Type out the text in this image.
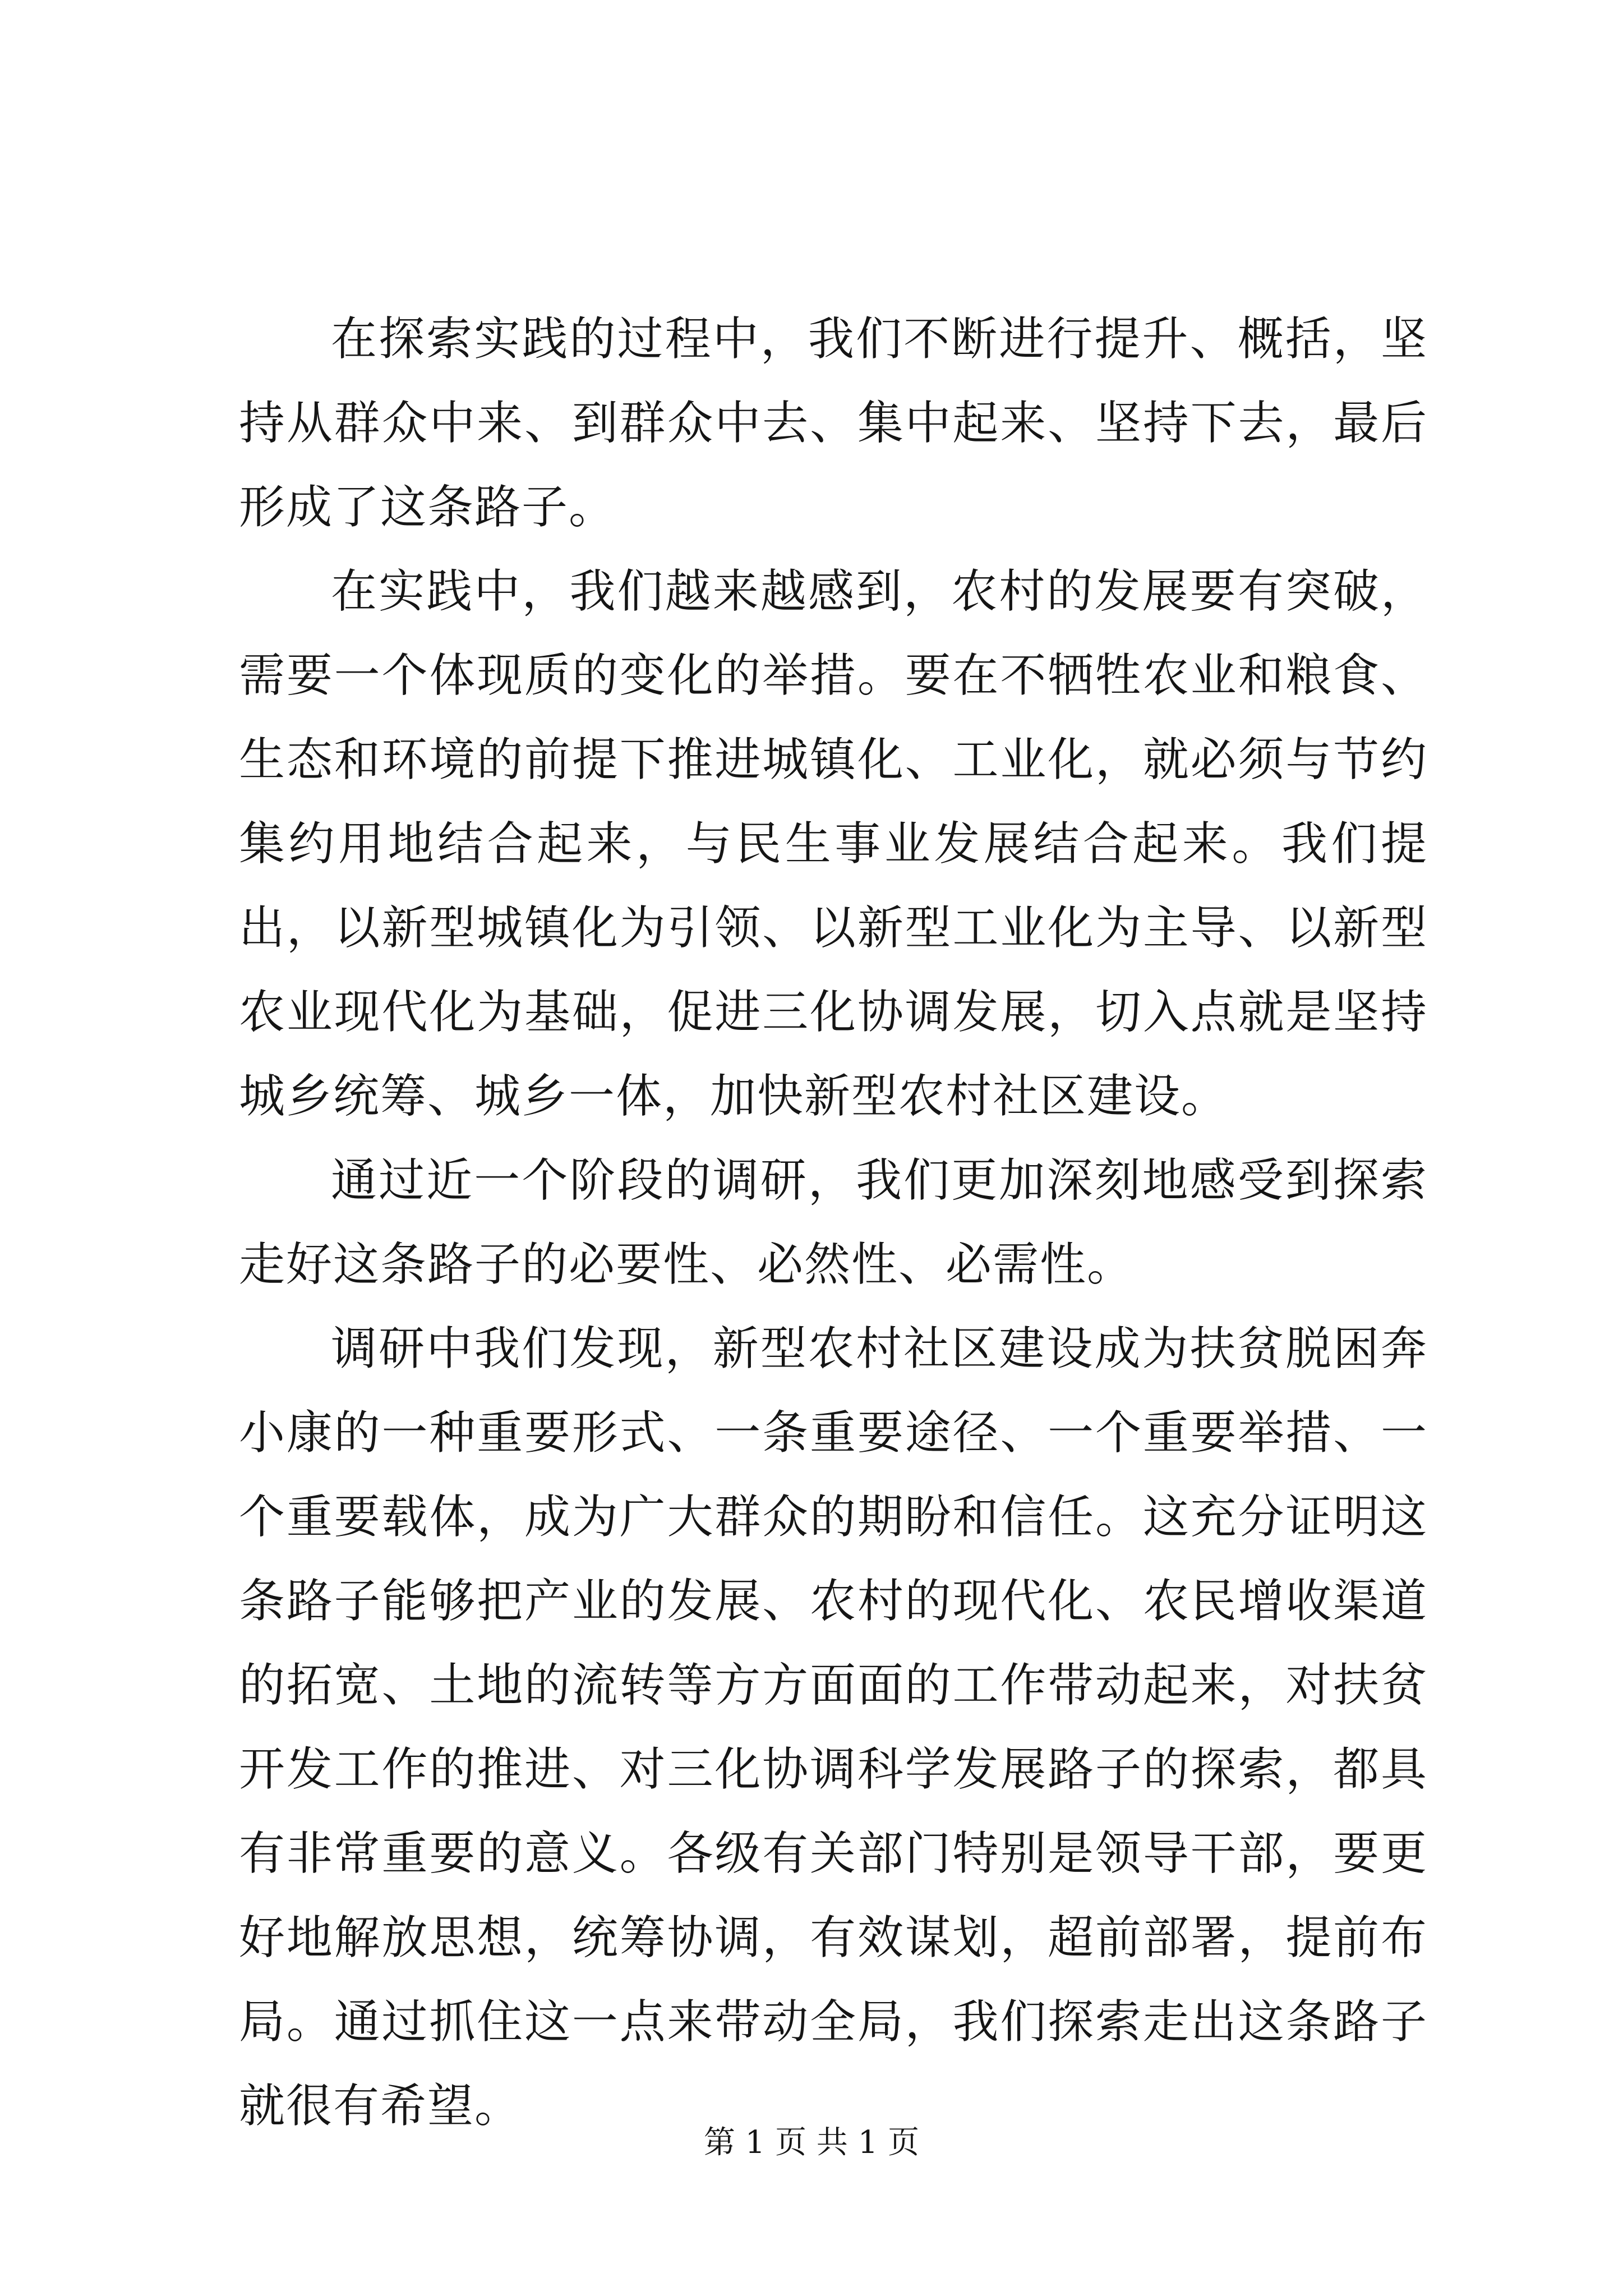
在探索实践的过程中，我们不断进行提升、概括，坚持从群众中来、到群众中去、集中起来、坚持下去，最后形成了这条路子。

在实践中，我们越来越感到，农村的发展要有突破，需要一个体现质的变化的举措。要在不牺牲农业和粮食、生态和环境的前提下推进城镇化、工业化，就必须与节约集约用地结合起来，与民生事业发展结合起来。我们提出，以新型城镇化为引领、以新型工业化为主导、以新型农业现代化为基础，促进三化协调发展，切入点就是坚持城乡统筹、城乡一体，加快新型农村社区建设。

通过近一个阶段的调研，我们更加深刻地感受到探索走好这条路子的必要性、必然性、必需性。

调研中我们发现，新型农村社区建设成为扶贫脱困奔小康的一种重要形式、一条重要途径、一个重要举措、一个重要载体，成为广大群众的期盼和信任。这充分证明这条路子能够把产业的发展、农村的现代化、农民增收渠道的拓宽、土地的流转等方方面面的工作带动起来，对扶贫开发工作的推进、对三化协调科学发展路子的探索，都具有非常重要的意义。各级有关部门特别是领导干部，要更好地解放思想，统筹协调，有效谋划，超前部署，提前布局。通过抓住这一点来带动全局，我们探索走出这条路子就很有希望。

第 1 页 共 1 页
